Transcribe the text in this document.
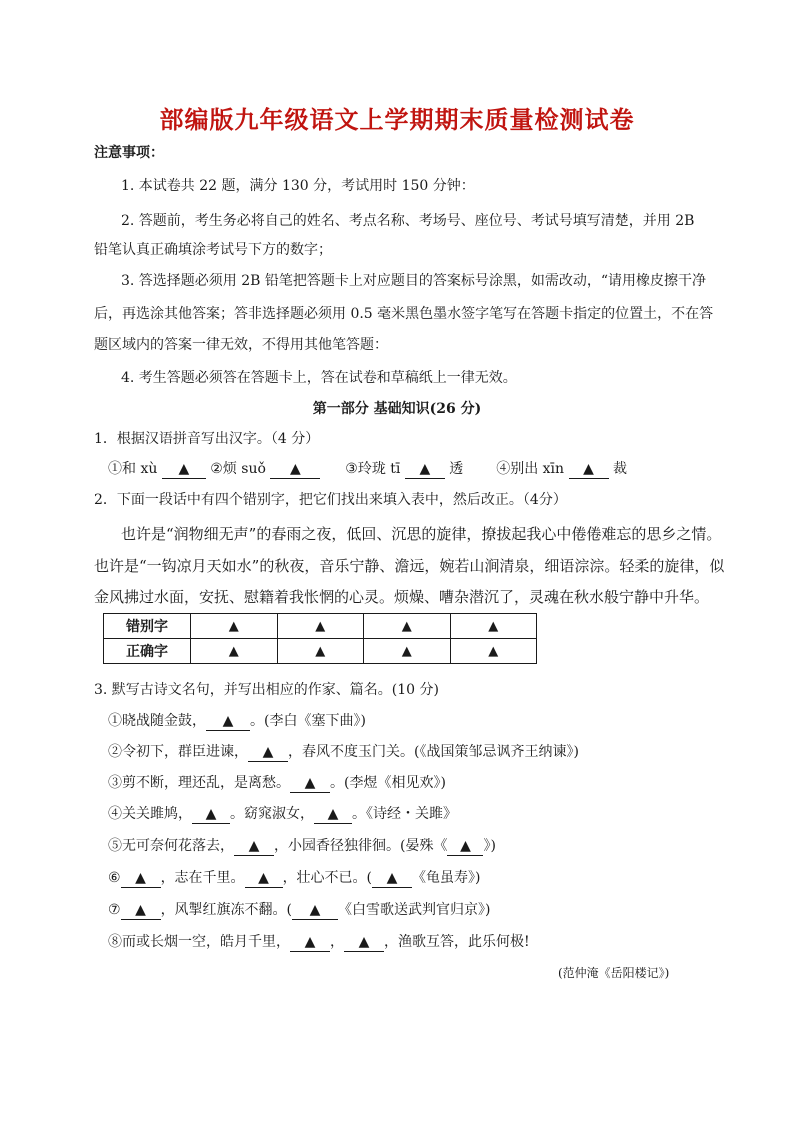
部编版九年级语文上学期期末质量检测试卷
注意事项：
1. 本试卷共 22 题，满分 130 分，考试用时 150 分钟：
2. 答题前，考生务必将自己的姓名、考点名称、考场号、座位号、考试号填写清楚，并用 2B
铅笔认真正确填涂考试号下方的数字；
3. 答选择题必须用 2B 铅笔把答题卡上对应题目的答案标号涂黑，如需改动，“请用橡皮擦干净
后，再选涂其他答案；答非选择题必须用 0.5 毫米黑色墨水签字笔写在答题卡指定的位置土，不在答
题区域内的答案一律无效，不得用其他笔答题：
4. 考生答题必须答在答题卡上，答在试卷和草稿纸上一律无效。
第一部分 基础知识(26 分)
1．根据汉语拼音写出汉字。（4 分）
①和 xù ▲ ②烦 suǒ ▲	③玲珑 tī ▲ 透 ④别出 xīn ▲ 裁
2．下面一段话中有四个错别字，把它们找出来填入表中，然后改正。（4分）
也许是“润物细无声”的春雨之夜，低回、沉思的旋律，撩拔起我心中倦倦难忘的思乡之情。
也许是“一钩凉月天如水”的秋夜，音乐宁静、澹远，婉若山涧清泉，细语淙淙。轻柔的旋律，似
金风拂过水面，安抚、慰籍着我怅惘的心灵。烦燥、嘈杂潜沉了，灵魂在秋水般宁静中升华。
错别字	▲	▲	▲	▲
正确字	▲	▲	▲	▲
3. 默写古诗文名句，并写出相应的作家、篇名。(10 分)
①晓战随金鼓， ▲ 。(李白《塞下曲》)
②令初下，群臣进谏， ▲ ，春风不度玉门关。(《战国策邹忌讽齐王纳谏》)
③剪不断，理还乱，是离愁。 ▲ 。(李煜《相见欢》)
④关关雎鸠， ▲ 。窈窕淑女， ▲ 。《诗经・关雎》
⑤无可奈何花落去， ▲ ，小园香径独徘徊。(晏殊《 ▲ 》)
⑥ ▲ ，志在千里。 ▲ ，壮心不已。( ▲ 《龟虽寿》)
⑦ ▲ ，风掣红旗冻不翻。( ▲ 《白雪歌送武判官归京》)
⑧而或长烟一空，皓月千里， ▲ ， ▲ ，渔歌互答，此乐何极!
(范仲淹《岳阳楼记》)
